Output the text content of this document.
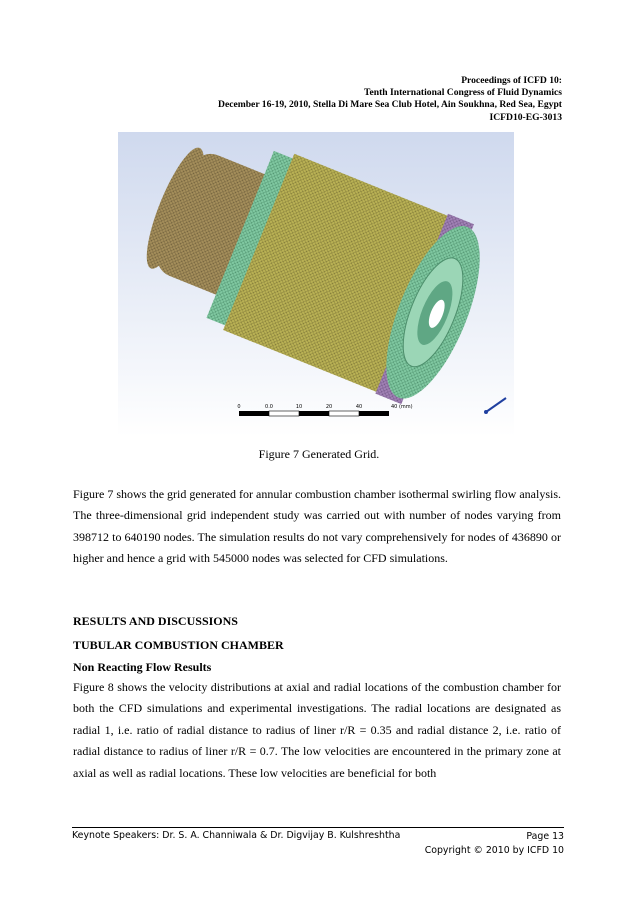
Proceedings of ICFD 10:
Tenth International Congress of Fluid Dynamics
December 16-19, 2010, Stella Di Mare Sea Club Hotel, Ain Soukhna, Red Sea, Egypt
ICFD10-EG-3013
0	0.0	10	20	40	40 (mm)
Figure 7 Generated Grid.
Figure 7 shows the grid generated for annular combustion chamber isothermal swirling flow analysis. The three-dimensional grid independent study was carried out with number of nodes varying from 398712 to 640190 nodes. The simulation results do not vary comprehensively for nodes of 436890 or higher and hence a grid with 545000 nodes was selected for CFD simulations.
RESULTS AND DISCUSSIONS
TUBULAR COMBUSTION CHAMBER
Non Reacting Flow Results
Figure 8 shows the velocity distributions at axial and radial locations of the combustion chamber for both the CFD simulations and experimental investigations. The radial locations are designated as radial 1, i.e. ratio of radial distance to radius of liner r/R = 0.35 and radial distance 2, i.e. ratio of radial distance to radius of liner r/R = 0.7. The low velocities are encountered in the primary zone at axial as well as radial locations. These low velocities are beneficial for both
Keynote Speakers: Dr. S. A. Channiwala & Dr. Digvijay B. Kulshreshtha	Page 13
Copyright © 2010 by ICFD 10
